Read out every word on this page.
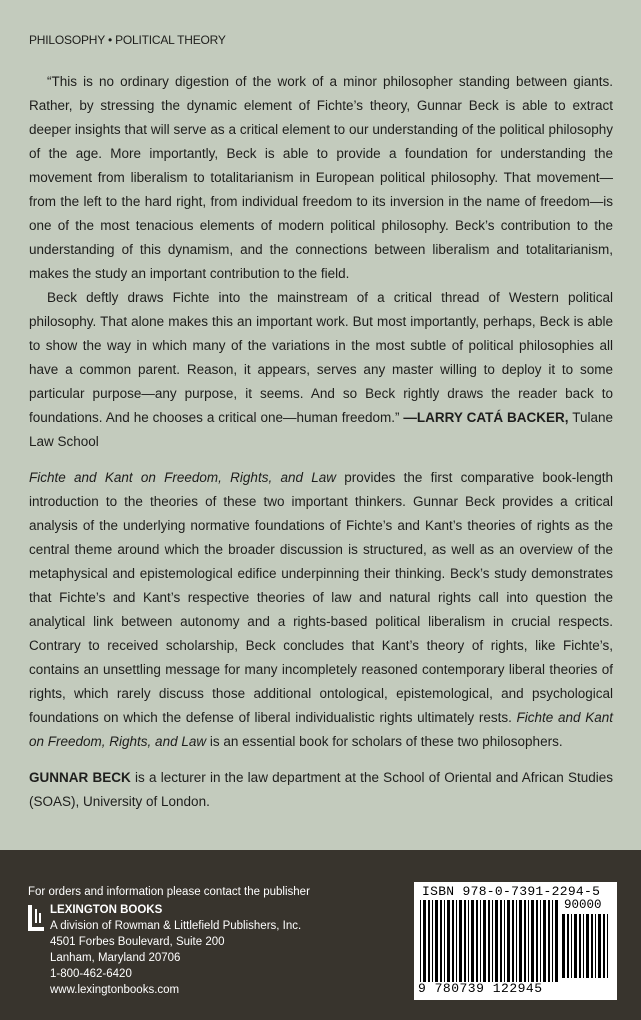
PHILOSOPHY • POLITICAL THEORY

“This is no ordinary digestion of the work of a minor philosopher standing between giants. Rather, by stressing the dynamic element of Fichte’s theory, Gunnar Beck is able to extract deeper insights that will serve as a critical element to our understanding of the political philosophy of the age. More importantly, Beck is able to provide a foundation for understanding the movement from liberalism to totalitarianism in European political philosophy. That movement—from the left to the hard right, from individual freedom to its inversion in the name of freedom—is one of the most tenacious elements of modern political philosophy. Beck’s contribution to the understanding of this dynamism, and the connections between liberalism and totalitarianism, makes the study an important contribution to the field.

Beck deftly draws Fichte into the mainstream of a critical thread of Western political philosophy. That alone makes this an important work. But most importantly, perhaps, Beck is able to show the way in which many of the variations in the most subtle of political philosophies all have a common parent. Reason, it appears, serves any master willing to deploy it to some particular purpose—any purpose, it seems. And so Beck rightly draws the reader back to foundations. And he chooses a critical one—human freedom.” —LARRY CATÁ BACKER, Tulane Law School

Fichte and Kant on Freedom, Rights, and Law provides the first comparative book-length introduction to the theories of these two important thinkers. Gunnar Beck provides a critical analysis of the underlying normative foundations of Fichte’s and Kant’s theories of rights as the central theme around which the broader discussion is structured, as well as an overview of the metaphysical and epistemological edifice underpinning their thinking. Beck’s study demonstrates that Fichte’s and Kant’s respective theories of law and natural rights call into question the analytical link between autonomy and a rights-based political liberalism in crucial respects. Contrary to received scholarship, Beck concludes that Kant’s theory of rights, like Fichte’s, contains an unsettling message for many incompletely reasoned contemporary liberal theories of rights, which rarely discuss those additional ontological, epistemological, and psychological foundations on which the defense of liberal individualistic rights ultimately rests. Fichte and Kant on Freedom, Rights, and Law is an essential book for scholars of these two philosophers.

GUNNAR BECK is a lecturer in the law department at the School of Oriental and African Studies (SOAS), University of London.

For orders and information please contact the publisher
LEXINGTON BOOKS
A division of Rowman & Littlefield Publishers, Inc.
4501 Forbes Boulevard, Suite 200
Lanham, Maryland 20706
1-800-462-6420
www.lexingtonbooks.com
ISBN 978-0-7391-2294-5
90000
9 780739 122945
